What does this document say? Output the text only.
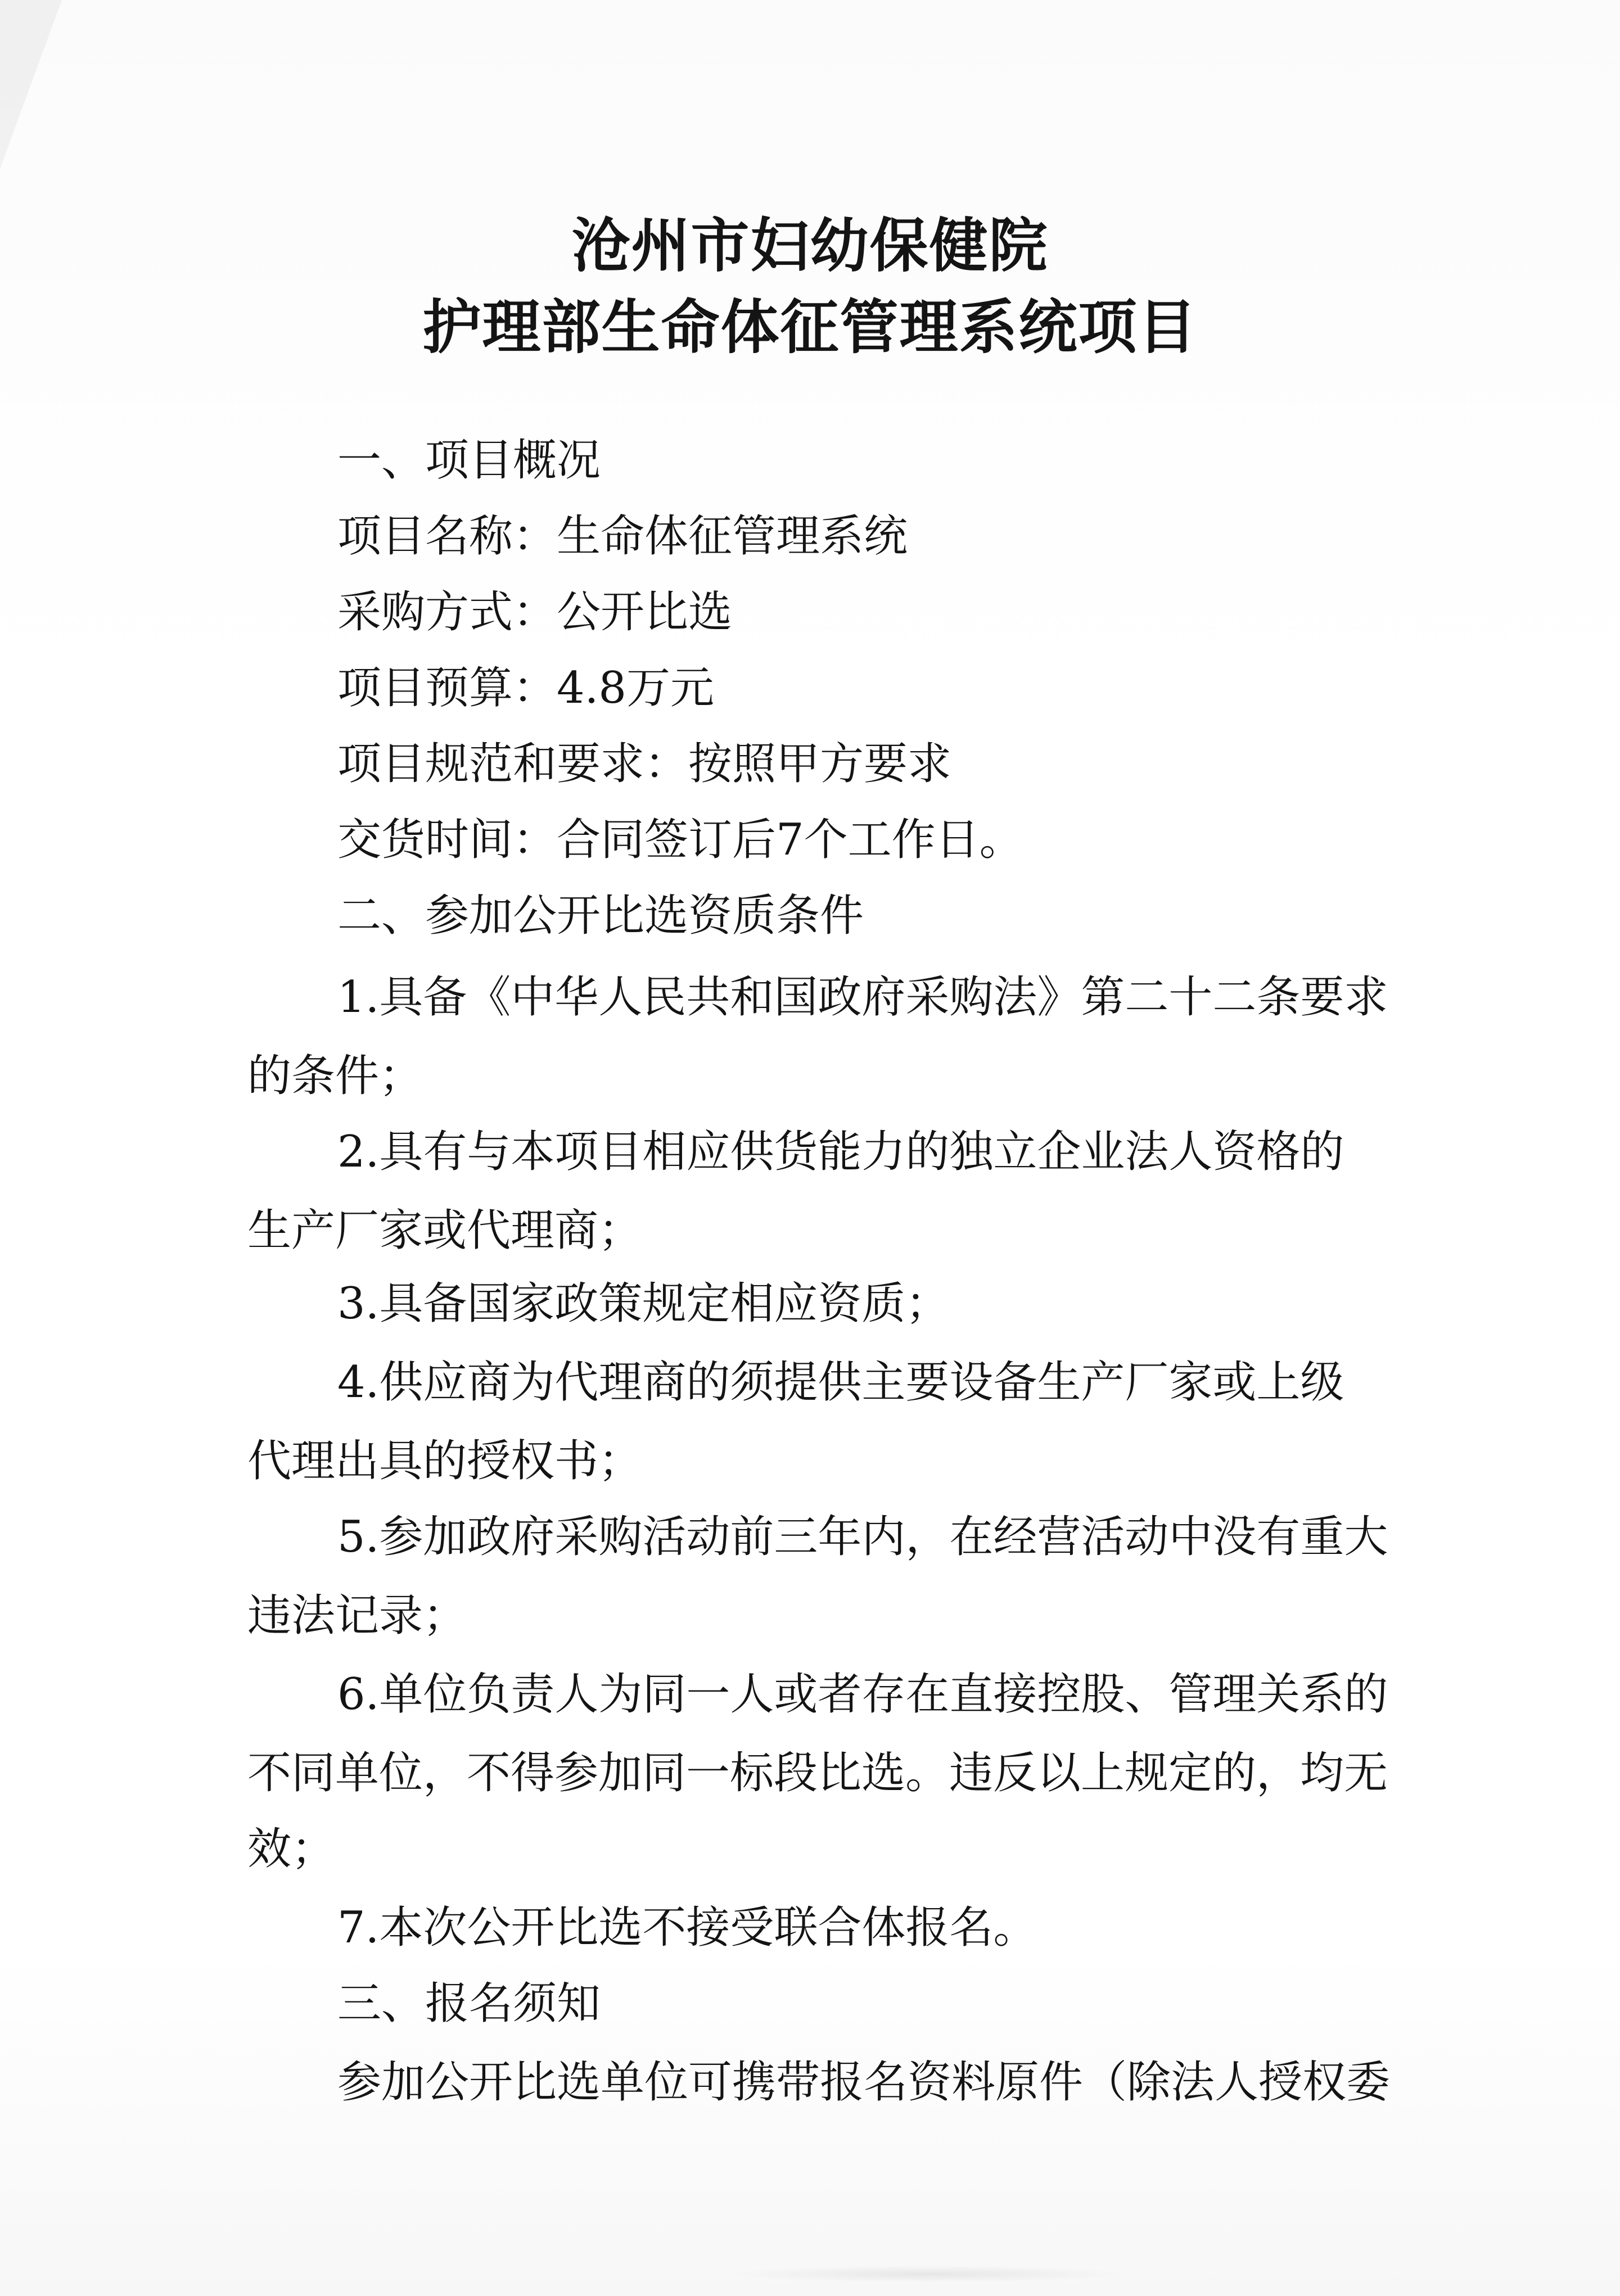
沧州市妇幼保健院
护理部生命体征管理系统项目
一、项目概况
项目名称：生命体征管理系统
采购方式：公开比选
项目预算：4.8万元
项目规范和要求：按照甲方要求
交货时间：合同签订后7个工作日。
二、参加公开比选资质条件
1.具备《中华人民共和国政府采购法》第二十二条要求
的条件；
2.具有与本项目相应供货能力的独立企业法人资格的
生产厂家或代理商；
3.具备国家政策规定相应资质；
4.供应商为代理商的须提供主要设备生产厂家或上级
代理出具的授权书；
5.参加政府采购活动前三年内，在经营活动中没有重大
违法记录；
6.单位负责人为同一人或者存在直接控股、管理关系的
不同单位，不得参加同一标段比选。违反以上规定的，均无
效；
7.本次公开比选不接受联合体报名。
三、报名须知
参加公开比选单位可携带报名资料原件（除法人授权委
